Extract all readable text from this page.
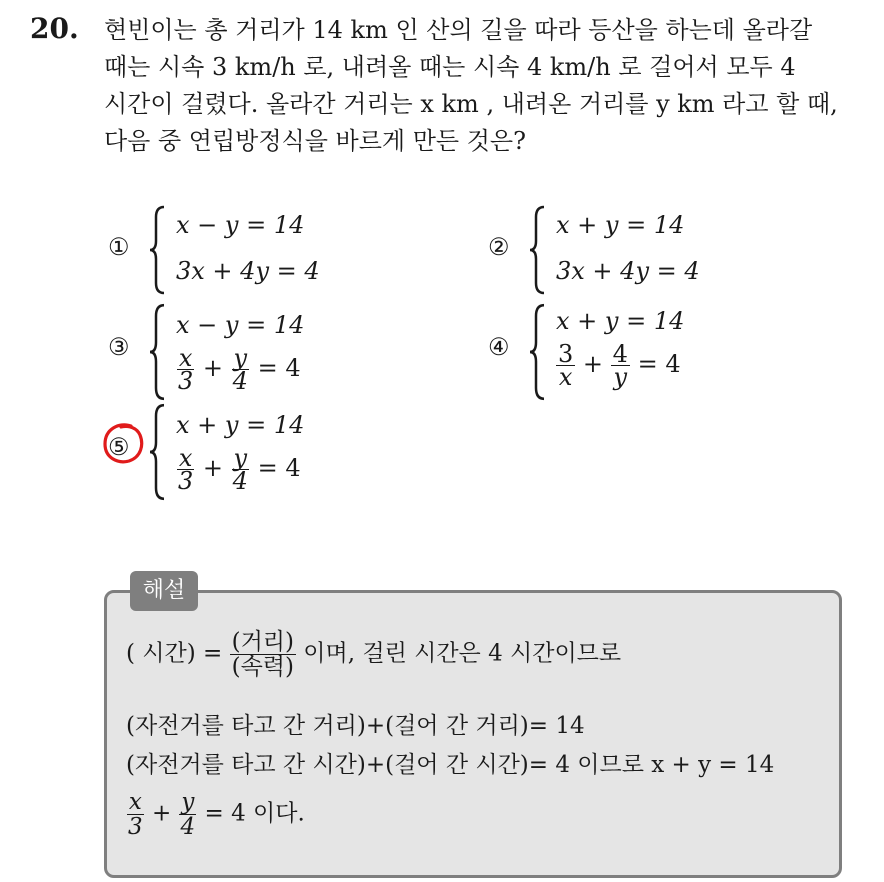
20. 현빈이는 총 거리가 14 km 인 산의 길을 따라 등산을 하는데 올라갈
때는 시속 3 km/h 로, 내려올 때는 시속 4 km/h 로 걸어서 모두 4
시간이 걸렸다. 올라간 거리는 x km , 내려온 거리를 y km 라고 할 때,
다음 중 연립방정식을 바르게 만든 것은?
①
x − y = 14
3x + 4y = 4
②
x + y = 14
3x + 4y = 4
③
x − y = 14
$\frac{x}{3} + \frac{y}{4} = 4$
④
x + y = 14
$\frac{3}{x} + \frac{4}{y} = 4$
⑤
x + y = 14
$\frac{x}{3} + \frac{y}{4} = 4$
해설
( 시간) = $\frac{\text{(거리)}}{\text{(속력)}}$ 이며, 걸린 시간은 4 시간이므로
(자전거를 타고 간 거리)+(걸어 간 거리)= 14
(자전거를 타고 간 시간)+(걸어 간 시간)= 4 이므로 x + y = 14
$\frac{x}{3} + \frac{y}{4} = 4$ 이다.
